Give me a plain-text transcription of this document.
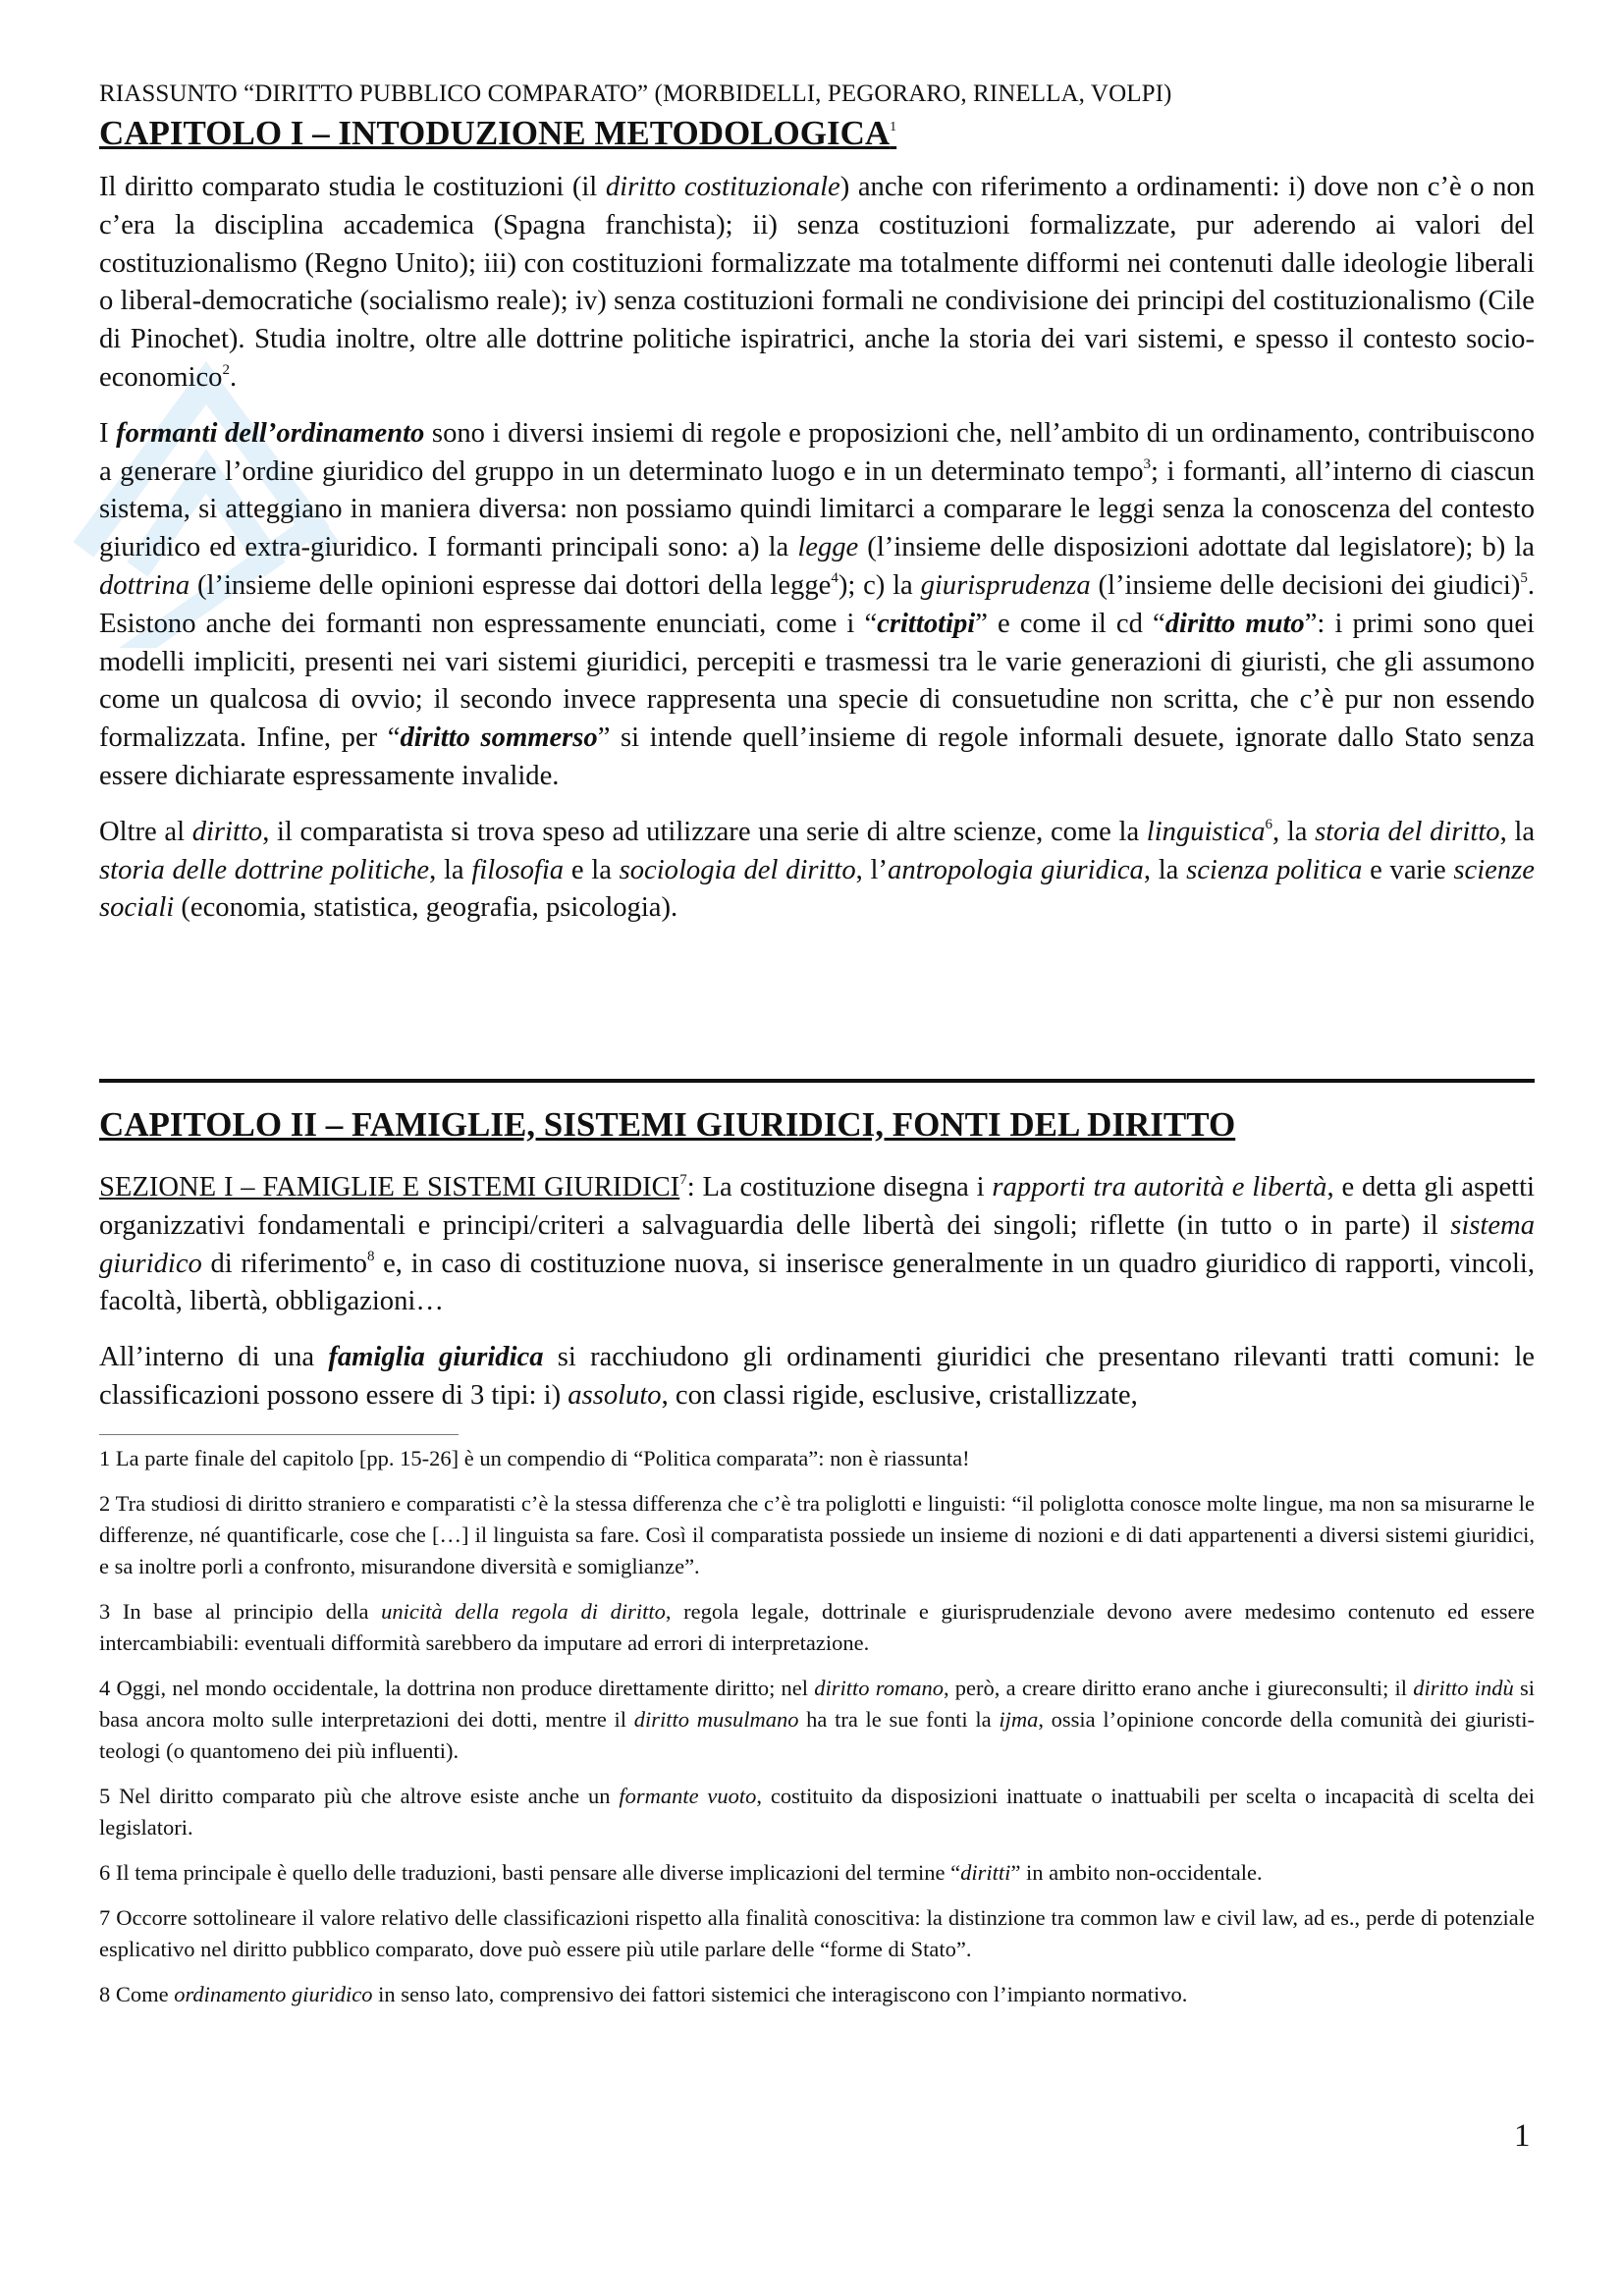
RIASSUNTO “DIRITTO PUBBLICO COMPARATO” (MORBIDELLI, PEGORARO, RINELLA, VOLPI)
CAPITOLO I – INTODUZIONE METODOLOGICA$^1$

Il diritto comparato studia le costituzioni (il diritto costituzionale) anche con riferimento a ordinamenti: i) dove non c’è o non c’era la disciplina accademica (Spagna franchista); ii) senza costituzioni formalizzate, pur aderendo ai valori del costituzionalismo (Regno Unito); iii) con costituzioni formalizzate ma totalmente difformi nei contenuti dalle ideologie liberali o liberal-democratiche (socialismo reale); iv) senza costituzioni formali ne condivisione dei principi del costituzionalismo (Cile di Pinochet). Studia inoltre, oltre alle dottrine politiche ispiratrici, anche la storia dei vari sistemi, e spesso il contesto socio-economico$^2$.

I formanti dell’ordinamento sono i diversi insiemi di regole e proposizioni che, nell’ambito di un ordinamento, contribuiscono a generare l’ordine giuridico del gruppo in un determinato luogo e in un determinato tempo$^3$; i formanti, all’interno di ciascun sistema, si atteggiano in maniera diversa: non possiamo quindi limitarci a comparare le leggi senza la conoscenza del contesto giuridico ed extra-giuridico. I formanti principali sono: a) la legge (l’insieme delle disposizioni adottate dal legislatore); b) la dottrina (l’insieme delle opinioni espresse dai dottori della legge$^4$); c) la giurisprudenza (l’insieme delle decisioni dei giudici)$^5$. Esistono anche dei formanti non espressamente enunciati, come i “crittotipi” e come il cd “diritto muto”: i primi sono quei modelli impliciti, presenti nei vari sistemi giuridici, percepiti e trasmessi tra le varie generazioni di giuristi, che gli assumono come un qualcosa di ovvio; il secondo invece rappresenta una specie di consuetudine non scritta, che c’è pur non essendo formalizzata. Infine, per “diritto sommerso” si intende quell’insieme di regole informali desuete, ignorate dallo Stato senza essere dichiarate espressamente invalide.

Oltre al diritto, il comparatista si trova speso ad utilizzare una serie di altre scienze, come la linguistica$^6$, la storia del diritto, la storia delle dottrine politiche, la filosofia e la sociologia del diritto, l’antropologia giuridica, la scienza politica e varie scienze sociali (economia, statistica, geografia, psicologia).

CAPITOLO II – FAMIGLIE, SISTEMI GIURIDICI, FONTI DEL DIRITTO

SEZIONE I – FAMIGLIE E SISTEMI GIURIDICI$^7$: La costituzione disegna i rapporti tra autorità e libertà, e detta gli aspetti organizzativi fondamentali e principi/criteri a salvaguardia delle libertà dei singoli; riflette (in tutto o in parte) il sistema giuridico di riferimento$^8$ e, in caso di costituzione nuova, si inserisce generalmente in un quadro giuridico di rapporti, vincoli, facoltà, libertà, obbligazioni…

All’interno di una famiglia giuridica si racchiudono gli ordinamenti giuridici che presentano rilevanti tratti comuni: le classificazioni possono essere di 3 tipi: i) assoluto, con classi rigide, esclusive, cristallizzate,

1 La parte finale del capitolo [pp. 15-26] è un compendio di “Politica comparata”: non è riassunta!

2 Tra studiosi di diritto straniero e comparatisti c’è la stessa differenza che c’è tra poliglotti e linguisti: “il poliglotta conosce molte lingue, ma non sa misurarne le differenze, né quantificarle, cose che […] il linguista sa fare. Così il comparatista possiede un insieme di nozioni e di dati appartenenti a diversi sistemi giuridici, e sa inoltre porli a confronto, misurandone diversità e somiglianze”.

3 In base al principio della unicità della regola di diritto, regola legale, dottrinale e giurisprudenziale devono avere medesimo contenuto ed essere intercambiabili: eventuali difformità sarebbero da imputare ad errori di interpretazione.

4 Oggi, nel mondo occidentale, la dottrina non produce direttamente diritto; nel diritto romano, però, a creare diritto erano anche i giureconsulti; il diritto indù si basa ancora molto sulle interpretazioni dei dotti, mentre il diritto musulmano ha tra le sue fonti la ijma, ossia l’opinione concorde della comunità dei giuristi-teologi (o quantomeno dei più influenti).

5 Nel diritto comparato più che altrove esiste anche un formante vuoto, costituito da disposizioni inattuate o inattuabili per scelta o incapacità di scelta dei legislatori.

6 Il tema principale è quello delle traduzioni, basti pensare alle diverse implicazioni del termine “diritti” in ambito non-occidentale.

7 Occorre sottolineare il valore relativo delle classificazioni rispetto alla finalità conoscitiva: la distinzione tra common law e civil law, ad es., perde di potenziale esplicativo nel diritto pubblico comparato, dove può essere più utile parlare delle “forme di Stato”.

8 Come ordinamento giuridico in senso lato, comprensivo dei fattori sistemici che interagiscono con l’impianto normativo.

1
